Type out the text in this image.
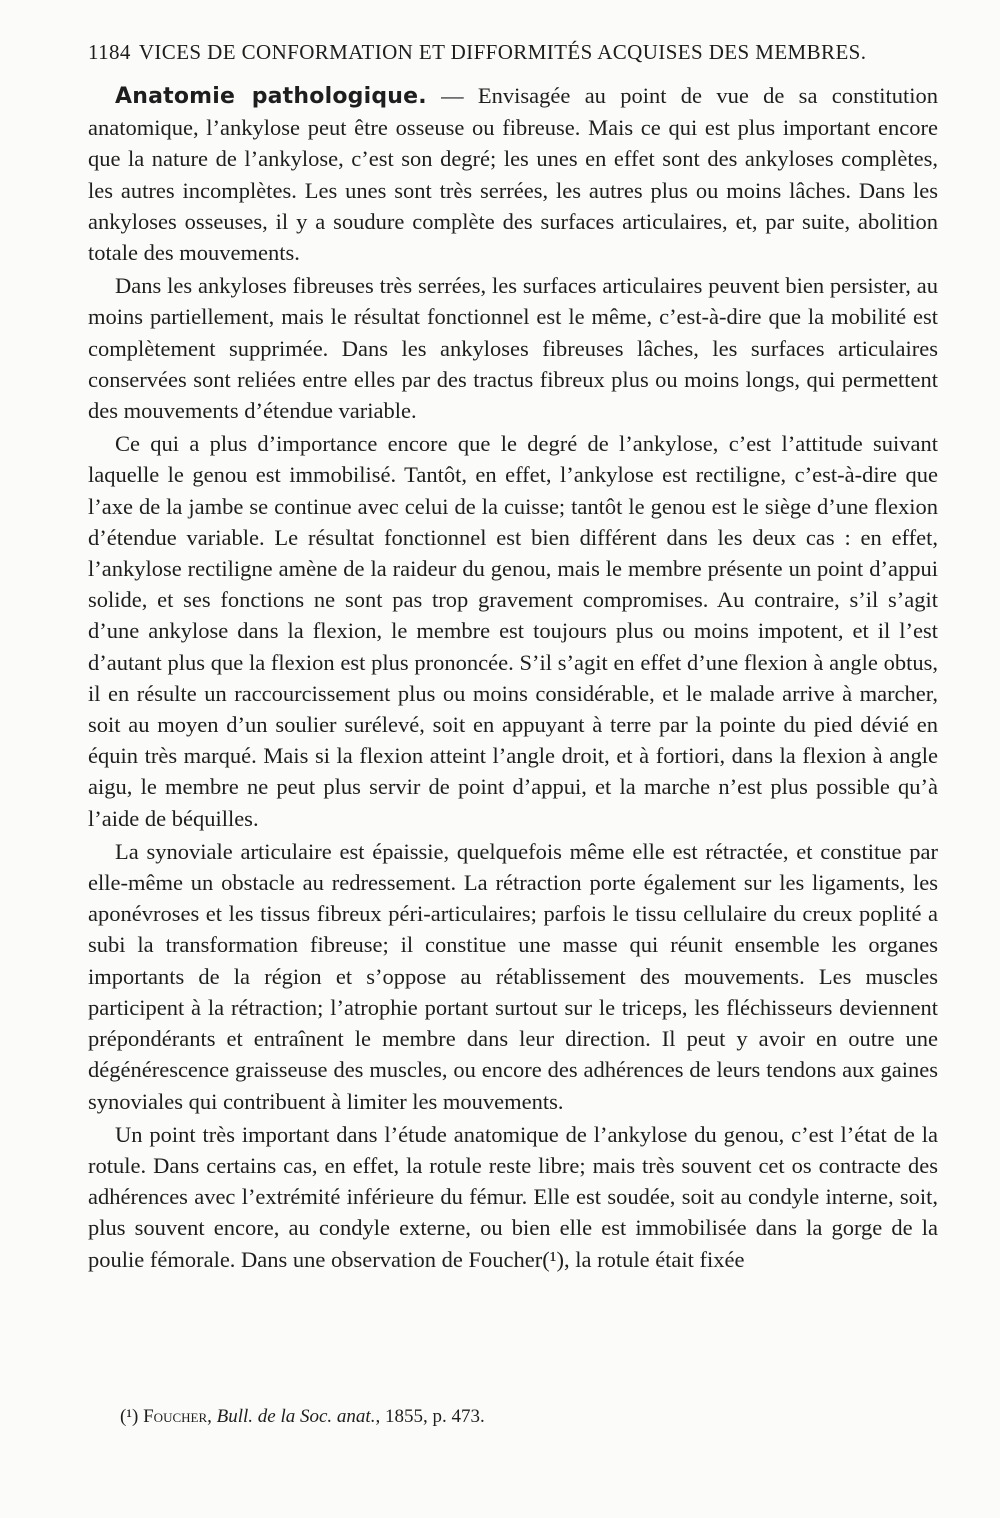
1184 VICES DE CONFORMATION ET DIFFORMITÉS ACQUISES DES MEMBRES.

Anatomie pathologique. — Envisagée au point de vue de sa constitution anatomique, l’ankylose peut être osseuse ou fibreuse. Mais ce qui est plus important encore que la nature de l’ankylose, c’est son degré; les unes en effet sont des ankyloses complètes, les autres incomplètes. Les unes sont très serrées, les autres plus ou moins lâches. Dans les ankyloses osseuses, il y a soudure complète des surfaces articulaires, et, par suite, abolition totale des mouvements.

Dans les ankyloses fibreuses très serrées, les surfaces articulaires peuvent bien persister, au moins partiellement, mais le résultat fonctionnel est le même, c’est-à-dire que la mobilité est complètement supprimée. Dans les ankyloses fibreuses lâches, les surfaces articulaires conservées sont reliées entre elles par des tractus fibreux plus ou moins longs, qui permettent des mouvements d’étendue variable.

Ce qui a plus d’importance encore que le degré de l’ankylose, c’est l’attitude suivant laquelle le genou est immobilisé. Tantôt, en effet, l’ankylose est rectiligne, c’est-à-dire que l’axe de la jambe se continue avec celui de la cuisse; tantôt le genou est le siège d’une flexion d’étendue variable. Le résultat fonctionnel est bien différent dans les deux cas : en effet, l’ankylose rectiligne amène de la raideur du genou, mais le membre présente un point d’appui solide, et ses fonctions ne sont pas trop gravement compromises. Au contraire, s’il s’agit d’une ankylose dans la flexion, le membre est toujours plus ou moins impotent, et il l’est d’autant plus que la flexion est plus prononcée. S’il s’agit en effet d’une flexion à angle obtus, il en résulte un raccourcissement plus ou moins considérable, et le malade arrive à marcher, soit au moyen d’un soulier surélevé, soit en appuyant à terre par la pointe du pied dévié en équin très marqué. Mais si la flexion atteint l’angle droit, et à fortiori, dans la flexion à angle aigu, le membre ne peut plus servir de point d’appui, et la marche n’est plus possible qu’à l’aide de béquilles.

La synoviale articulaire est épaissie, quelquefois même elle est rétractée, et constitue par elle-même un obstacle au redressement. La rétraction porte également sur les ligaments, les aponévroses et les tissus fibreux péri-articulaires; parfois le tissu cellulaire du creux poplité a subi la transformation fibreuse; il constitue une masse qui réunit ensemble les organes importants de la région et s’oppose au rétablissement des mouvements. Les muscles participent à la rétraction; l’atrophie portant surtout sur le triceps, les fléchisseurs deviennent prépondérants et entraînent le membre dans leur direction. Il peut y avoir en outre une dégénérescence graisseuse des muscles, ou encore des adhérences de leurs tendons aux gaines synoviales qui contribuent à limiter les mouvements.

Un point très important dans l’étude anatomique de l’ankylose du genou, c’est l’état de la rotule. Dans certains cas, en effet, la rotule reste libre; mais très souvent cet os contracte des adhérences avec l’extrémité inférieure du fémur. Elle est soudée, soit au condyle interne, soit, plus souvent encore, au condyle externe, ou bien elle est immobilisée dans la gorge de la poulie fémorale. Dans une observation de Foucher(¹), la rotule était fixée

(¹) Foucher, Bull. de la Soc. anat., 1855, p. 473.
